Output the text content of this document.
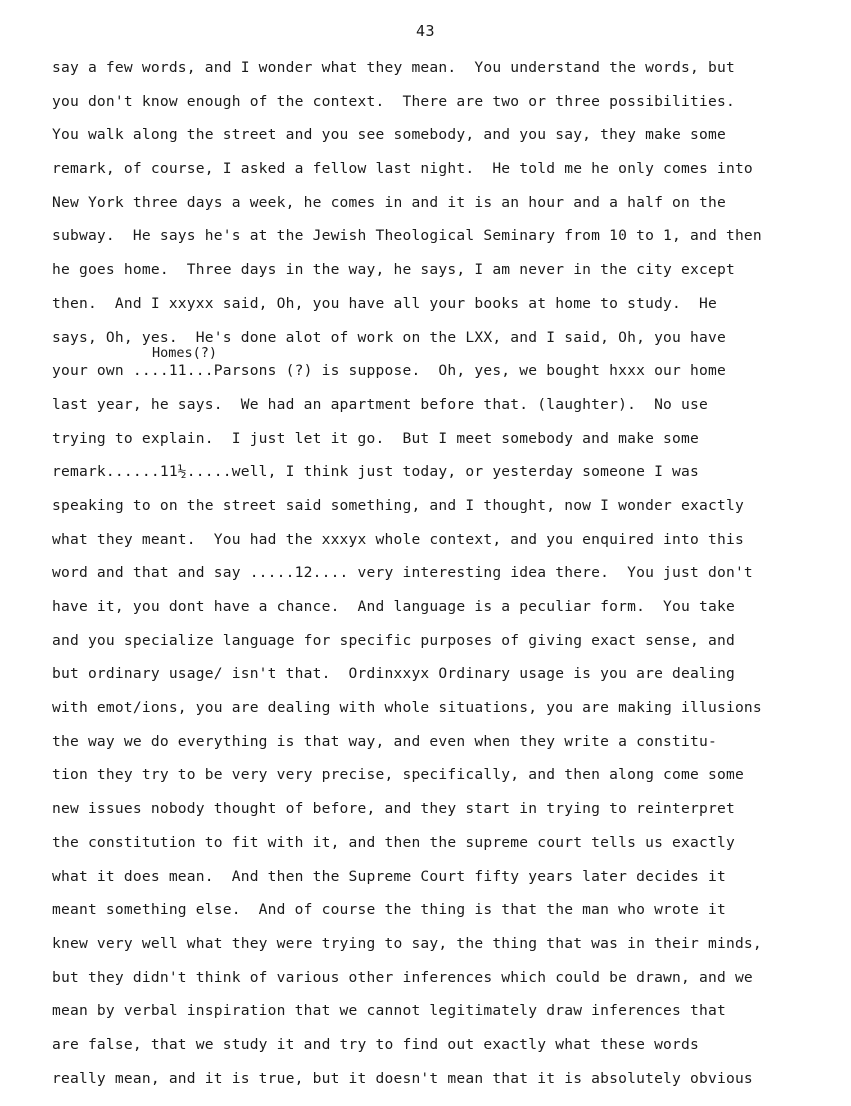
43
Homes(?)
say a few words, and I wonder what they mean.  You understand the words, but
you don't know enough of the context.  There are two or three possibilities.
You walk along the street and you see somebody, and you say, they make some
remark, of course, I asked a fellow last night.  He told me he only comes into
New York three days a week, he comes in and it is an hour and a half on the
subway.  He says he's at the Jewish Theological Seminary from 10 to 1, and then
he goes home.  Three days in the way, he says, I am never in the city except
then.  And I xxyxx said, Oh, you have all your books at home to study.  He
says, Oh, yes.  He's done alot of work on the LXX, and I said, Oh, you have
your own ....11...Parsons (?) is suppose.  Oh, yes, we bought hxxx our home
last year, he says.  We had an apartment before that. (laughter).  No use
trying to explain.  I just let it go.  But I meet somebody and make some
remark......11½.....well, I think just today, or yesterday someone I was
speaking to on the street said something, and I thought, now I wonder exactly
what they meant.  You had the xxxyx whole context, and you enquired into this
word and that and say .....12.... very interesting idea there.  You just don't
have it, you dont have a chance.  And language is a peculiar form.  You take
and you specialize language for specific purposes of giving exact sense, and
but ordinary usage/ isn't that.  Ordinxxyx Ordinary usage is you are dealing
with emot/ions, you are dealing with whole situations, you are making illusions
the way we do everything is that way, and even when they write a constitu-
tion they try to be very very precise, specifically, and then along come some
new issues nobody thought of before, and they start in trying to reinterpret
the constitution to fit with it, and then the supreme court tells us exactly
what it does mean.  And then the Supreme Court fifty years later decides it
meant something else.  And of course the thing is that the man who wrote it
knew very well what they were trying to say, the thing that was in their minds,
but they didn't think of various other inferences which could be drawn, and we
mean by verbal inspiration that we cannot legitimately draw inferences that
are false, that we study it and try to find out exactly what these words
really mean, and it is true, but it doesn't mean that it is absolutely obvious
